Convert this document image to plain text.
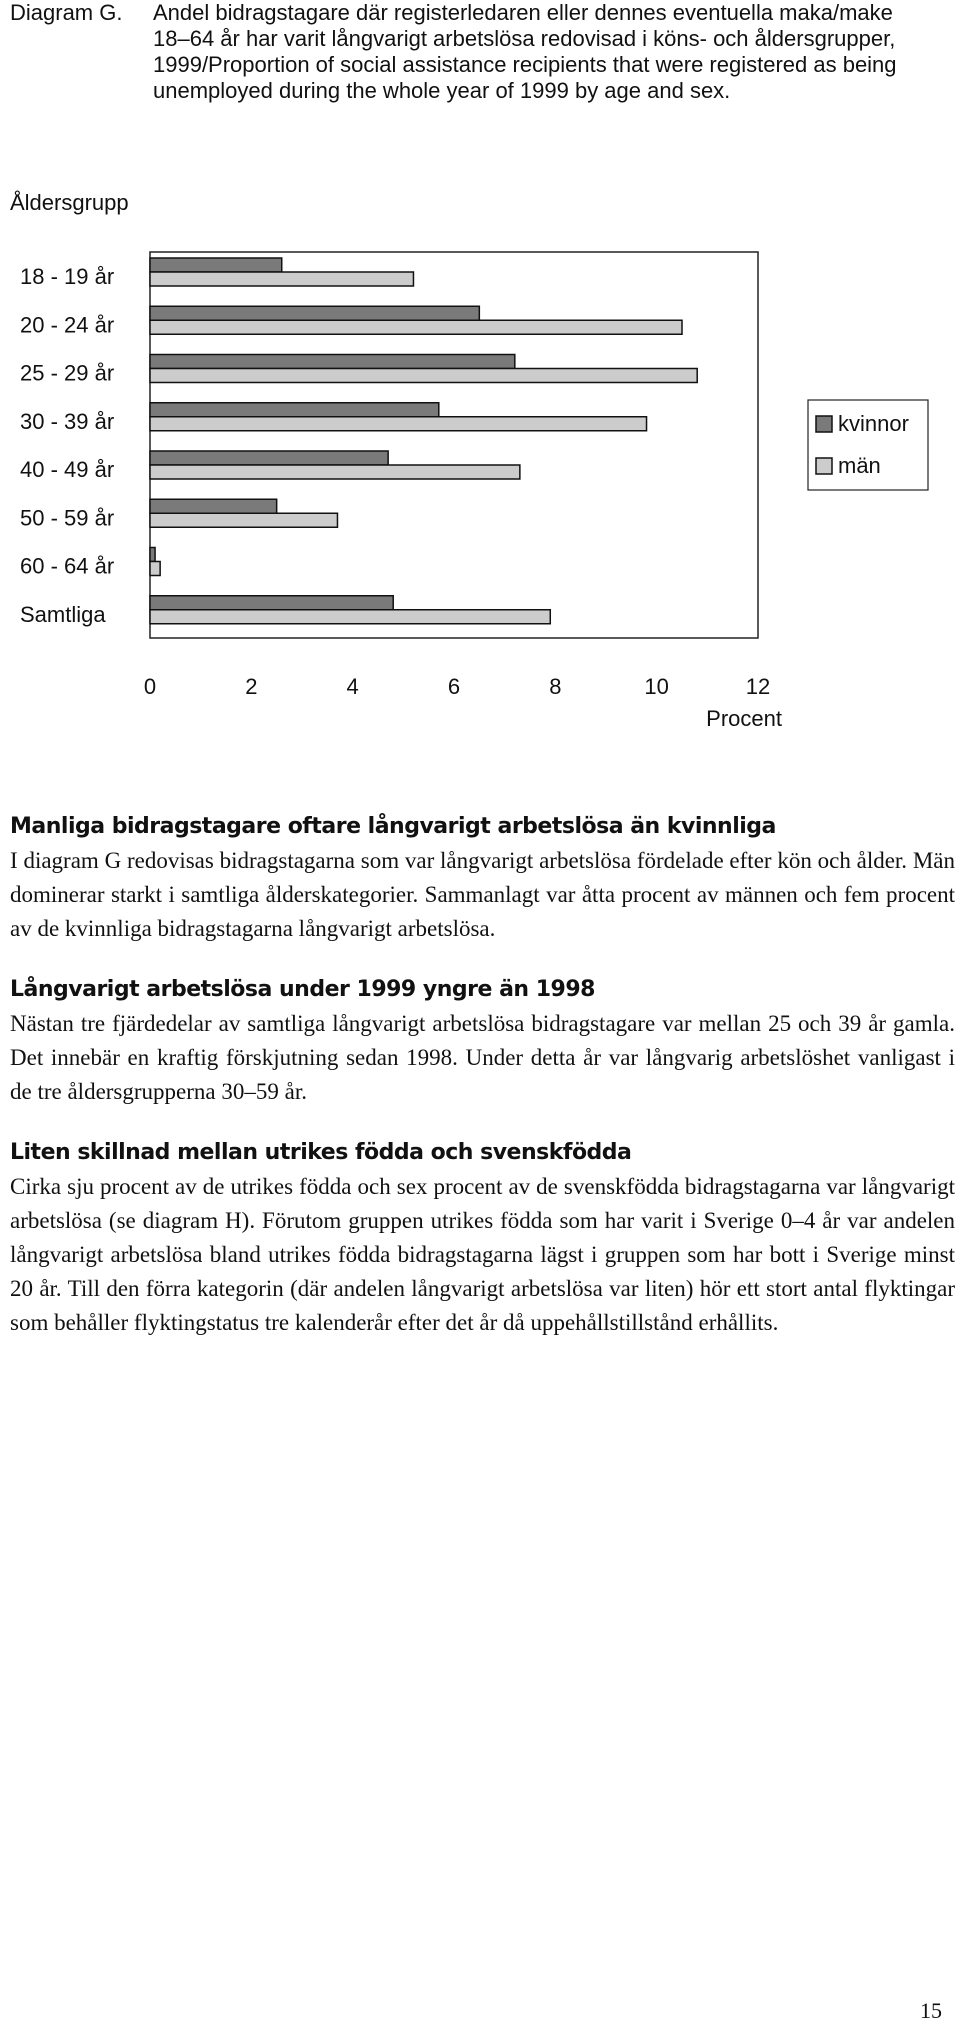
Diagram G. Andel bidragstagare där registerledaren eller dennes eventuella maka/make 18–64 år har varit långvarigt arbetslösa redovisad i köns- och åldersgrupper, 1999/Proportion of social assistance recipients that were registered as being unemployed during the whole year of 1999 by age and sex.
Åldersgrupp
18 - 19 år
20 - 24 år
25 - 29 år
30 - 39 år
40 - 49 år
50 - 59 år
60 - 64 år
Samtliga
0	2	4	6	8	10	12
Procent
kvinnor
män
Manliga bidragstagare oftare långvarigt arbetslösa än kvinnliga

I diagram G redovisas bidragstagarna som var långvarigt arbetslösa fördelade efter kön och ålder. Män dominerar starkt i samtliga ålderskategorier. Sammanlagt var åtta procent av männen och fem procent av de kvinnliga bidragstagarna långvarigt arbetslösa.

Långvarigt arbetslösa under 1999 yngre än 1998

Nästan tre fjärdedelar av samtliga långvarigt arbetslösa bidragstagare var mellan 25 och 39 år gamla. Det innebär en kraftig förskjutning sedan 1998. Under detta år var långvarig arbetslöshet vanligast i de tre åldersgrupperna 30–59 år.

Liten skillnad mellan utrikes födda och svenskfödda

Cirka sju procent av de utrikes födda och sex procent av de svenskfödda bidragstagarna var långvarigt arbetslösa (se diagram H). Förutom gruppen utrikes födda som har varit i Sverige 0–4 år var andelen långvarigt arbetslösa bland utrikes födda bidragstagarna lägst i gruppen som har bott i Sverige minst 20 år. Till den förra kategorin (där andelen långvarigt arbetslösa var liten) hör ett stort antal flyktingar som behåller flyktingstatus tre kalenderår efter det år då uppehållstillstånd erhållits.

15
